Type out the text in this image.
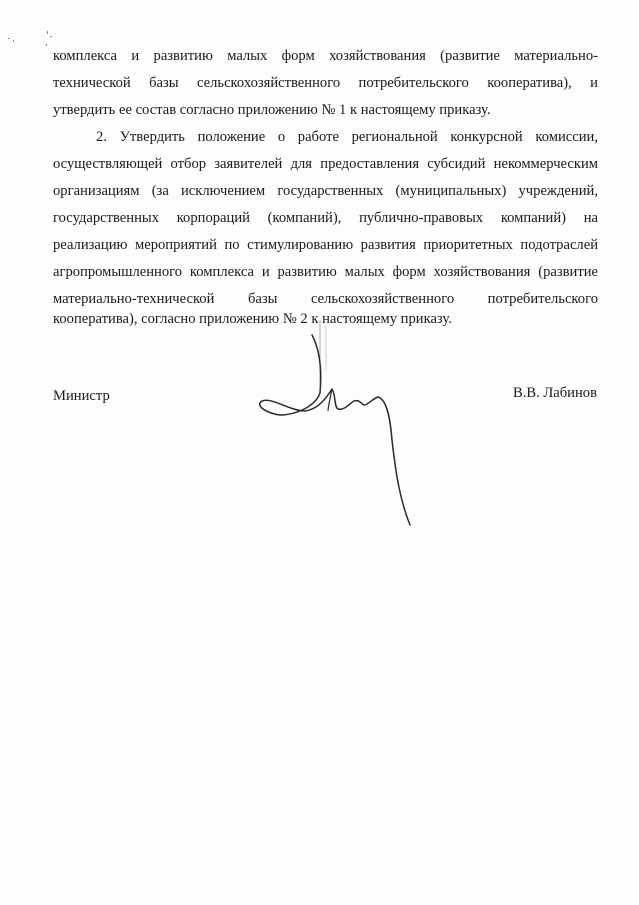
комплекса и развитию малых форм хозяйствования (развитие материально-
технической базы сельскохозяйственного потребительского кооператива), и
утвердить ее состав согласно приложению № 1 к настоящему приказу.
2. Утвердить положение о работе региональной конкурсной комиссии,
осуществляющей отбор заявителей для предоставления субсидий некоммерческим
организациям (за исключением государственных (муниципальных) учреждений,
государственных корпораций (компаний), публично-правовых компаний) на
реализацию мероприятий по стимулированию развития приоритетных подотраслей
агропромышленного комплекса и развитию малых форм хозяйствования (развитие
материально-технической базы сельскохозяйственного потребительского
кооператива), согласно приложению № 2 к настоящему приказу.
Министр	В.В. Лабинов
